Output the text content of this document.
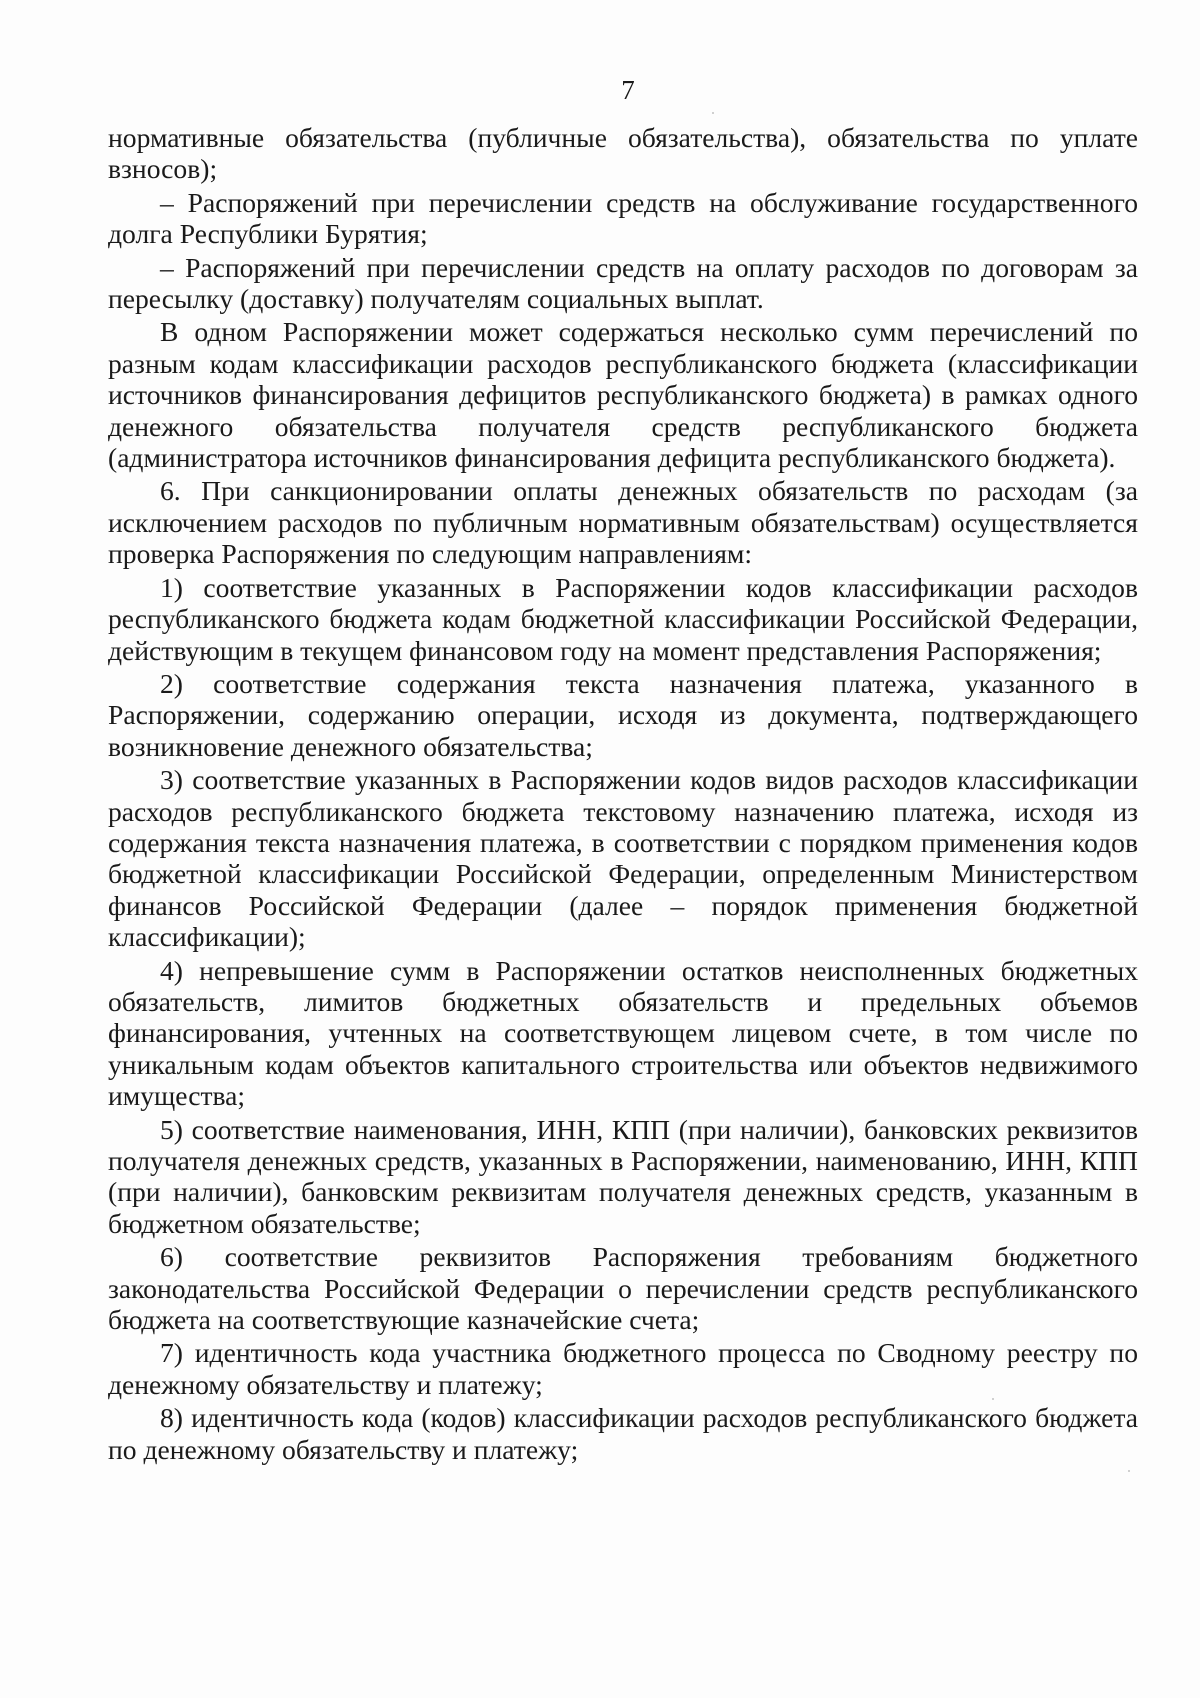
7

нормативные обязательства (публичные обязательства), обязательства по уплате взносов);

– Распоряжений при перечислении средств на обслуживание государственного долга Республики Бурятия;

– Распоряжений при перечислении средств на оплату расходов по договорам за пересылку (доставку) получателям социальных выплат.

В одном Распоряжении может содержаться несколько сумм перечислений по разным кодам классификации расходов республиканского бюджета (классификации источников финансирования дефицитов республиканского бюджета) в рамках одного денежного обязательства получателя средств республиканского бюджета (администратора источников финансирования дефицита республиканского бюджета).

6. При санкционировании оплаты денежных обязательств по расходам (за исключением расходов по публичным нормативным обязательствам) осуществляется проверка Распоряжения по следующим направлениям:

1) соответствие указанных в Распоряжении кодов классификации расходов республиканского бюджета кодам бюджетной классификации Российской Федерации, действующим в текущем финансовом году на момент представления Распоряжения;

2) соответствие содержания текста назначения платежа, указанного в Распоряжении, содержанию операции, исходя из документа, подтверждающего возникновение денежного обязательства;

3) соответствие указанных в Распоряжении кодов видов расходов классификации расходов республиканского бюджета текстовому назначению платежа, исходя из содержания текста назначения платежа, в соответствии с порядком применения кодов бюджетной классификации Российской Федерации, определенным Министерством финансов Российской Федерации (далее – порядок применения бюджетной классификации);

4) непревышение сумм в Распоряжении остатков неисполненных бюджетных обязательств, лимитов бюджетных обязательств и предельных объемов финансирования, учтенных на соответствующем лицевом счете, в том числе по уникальным кодам объектов капитального строительства или объектов недвижимого имущества;

5) соответствие наименования, ИНН, КПП (при наличии), банковских реквизитов получателя денежных средств, указанных в Распоряжении, наименованию, ИНН, КПП (при наличии), банковским реквизитам получателя денежных средств, указанным в бюджетном обязательстве;

6) соответствие реквизитов Распоряжения требованиям бюджетного законодательства Российской Федерации о перечислении средств республиканского бюджета на соответствующие казначейские счета;

7) идентичность кода участника бюджетного процесса по Сводному реестру по денежному обязательству и платежу;

8) идентичность кода (кодов) классификации расходов республиканского бюджета по денежному обязательству и платежу;
